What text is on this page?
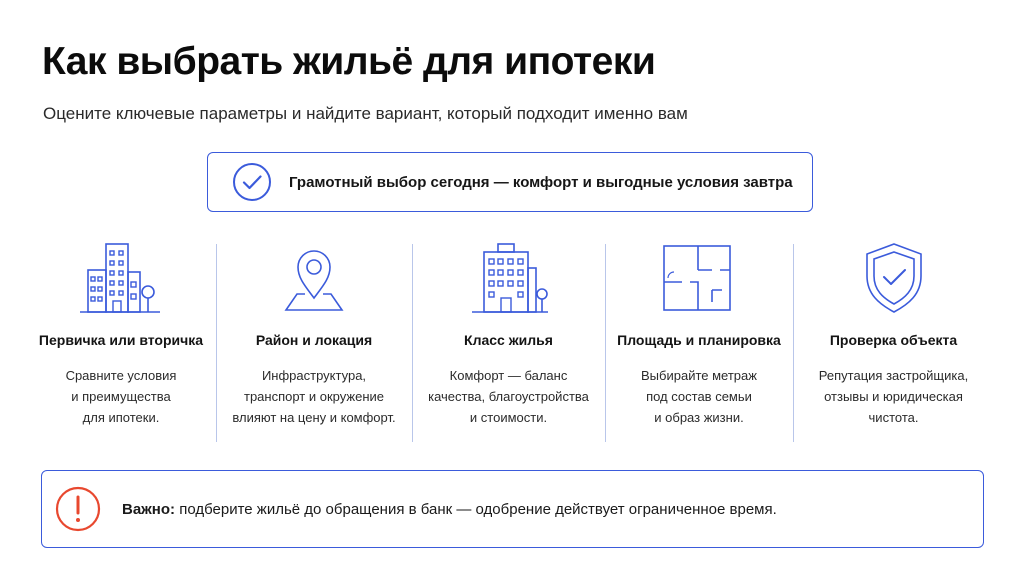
Как выбрать жильё для ипотеки
Оцените ключевые параметры и найдите вариант, который подходит именно вам
Грамотный выбор сегодня — комфорт и выгодные условия завтра
Первичка или вторичка
Сравните условия
и преимущества
для ипотеки.
Район и локация
Инфраструктура,
транспорт и окружение
влияют на цену и комфорт.
Класс жилья
Комфорт — баланс
качества, благоустройства
и стоимости.
Площадь и планировка
Выбирайте метраж
под состав семьи
и образ жизни.
Проверка объекта
Репутация застройщика,
отзывы и юридическая
чистота.
Важно: подберите жильё до обращения в банк — одобрение действует ограниченное время.
